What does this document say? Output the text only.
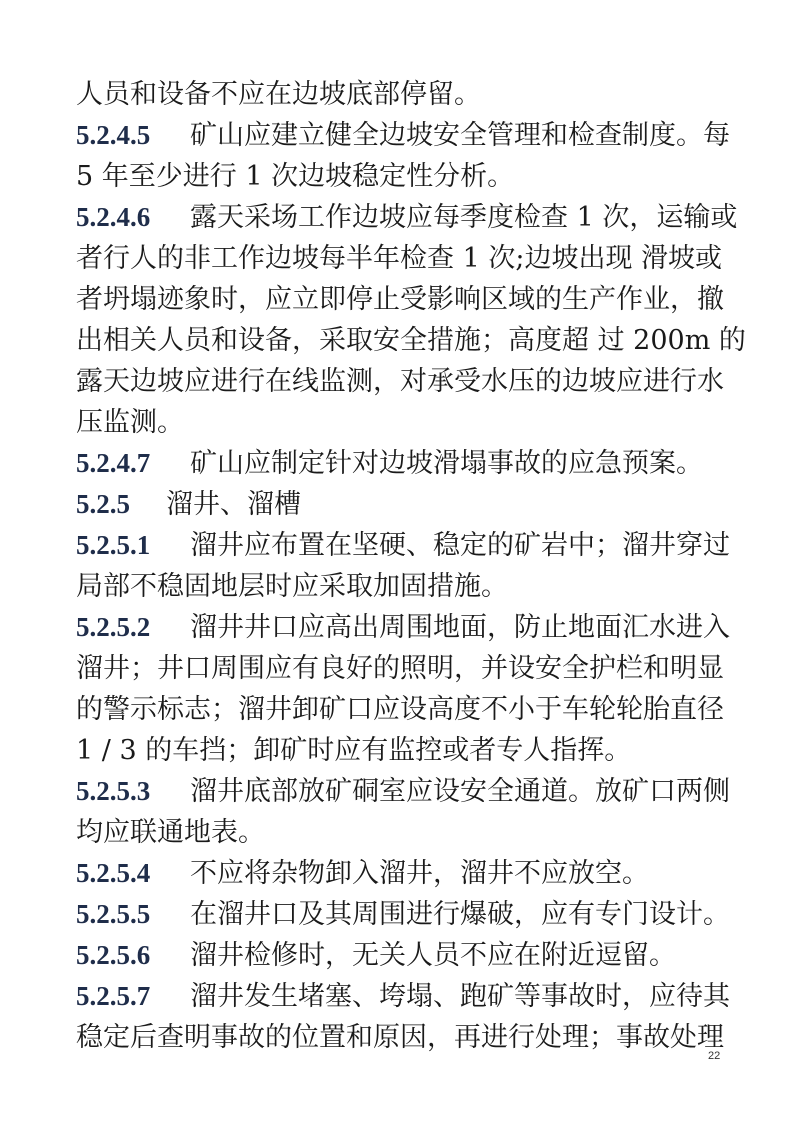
人员和设备不应在边坡底部停留。
5.2.4.5 矿山应建立健全边坡安全管理和检查制度。每
5 年至少进行 1 次边坡稳定性分析。
5.2.4.6 露天采场工作边坡应每季度检查 1 次，运输或
者行人的非工作边坡每半年检查 1 次;边坡出现 滑坡或
者坍塌迹象时，应立即停止受影响区域的生产作业，撤
出相关人员和设备，采取安全措施；高度超 过 200m 的
露天边坡应进行在线监测，对承受水压的边坡应进行水
压监测。
5.2.4.7 矿山应制定针对边坡滑塌事故的应急预案。
5.2.5 溜井、溜槽
5.2.5.1 溜井应布置在坚硬、稳定的矿岩中；溜井穿过
局部不稳固地层时应采取加固措施。
5.2.5.2 溜井井口应高出周围地面，防止地面汇水进入
溜井；井口周围应有良好的照明，并设安全护栏和明显
的警示标志；溜井卸矿口应设高度不小于车轮轮胎直径
1 / 3 的车挡；卸矿时应有监控或者专人指挥。
5.2.5.3 溜井底部放矿硐室应设安全通道。放矿口两侧
均应联通地表。
5.2.5.4 不应将杂物卸入溜井，溜井不应放空。
5.2.5.5 在溜井口及其周围进行爆破，应有专门设计。
5.2.5.6 溜井检修时，无关人员不应在附近逗留。
5.2.5.7 溜井发生堵塞、垮塌、跑矿等事故时，应待其
稳定后查明事故的位置和原因，再进行处理；事故处理
22
